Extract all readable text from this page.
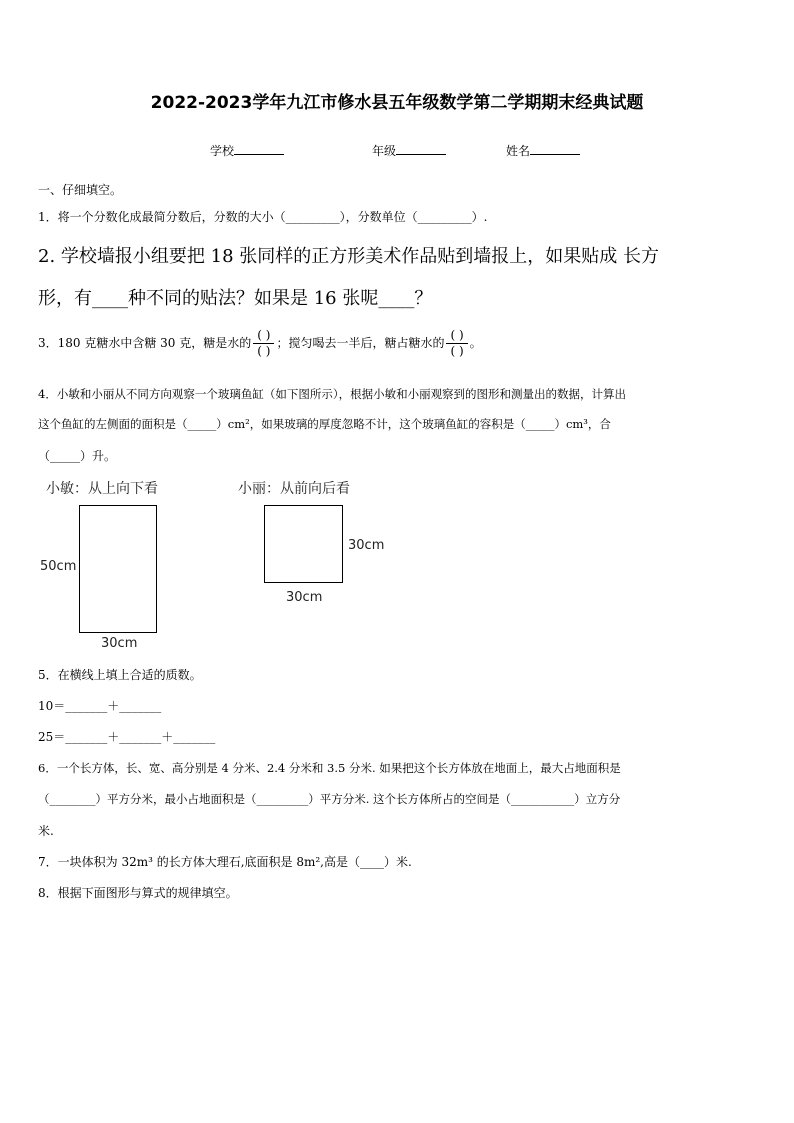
2022-2023学年九江市修水县五年级数学第二学期期末经典试题
学校	年级	姓名
一、仔细填空。
1．将一个分数化成最简分数后，分数的大小（_________），分数单位（_________）.
2. 学校墙报小组要把 18 张同样的正方形美术作品贴到墙报上，如果贴成 长方
形，有____种不同的贴法？如果是 16 张呢____？
3．180 克糖水中含糖 30 克，糖是水的 $\frac{( )}{( )}$ ；搅匀喝去一半后，糖占糖水的 $\frac{( )}{( )}$ 。
4．小敏和小丽从不同方向观察一个玻璃鱼缸（如下图所示），根据小敏和小丽观察到的图形和测量出的数据，计算出
这个鱼缸的左侧面的面积是（_____）cm²，如果玻璃的厚度忽略不计，这个玻璃鱼缸的容积是（_____）cm³，合
（_____）升。
小敏：从上向下看	小丽：从前向后看
50cm
30cm
30cm
30cm
5．在横线上填上合适的质数。
10＝_______＋_______
25＝_______＋_______＋_______
6．一个长方体，长、宽、高分别是 4 分米、2.4 分米和 3.5 分米. 如果把这个长方体放在地面上，最大占地面积是
（________）平方分米，最小占地面积是（_________）平方分米. 这个长方体所占的空间是（___________）立方分
米.
7．一块体积为 32m³ 的长方体大理石,底面积是 8m²,高是（____）米.
8．根据下面图形与算式的规律填空。
